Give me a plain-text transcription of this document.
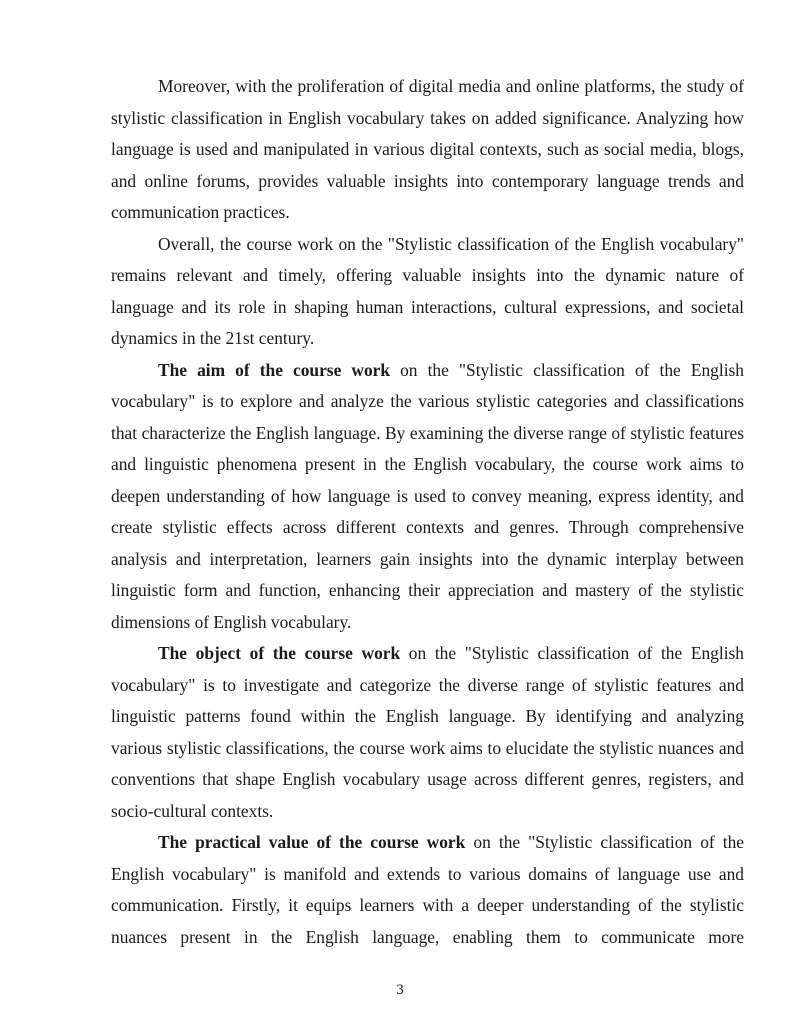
Moreover, with the proliferation of digital media and online platforms, the study of stylistic classification in English vocabulary takes on added significance. Analyzing how language is used and manipulated in various digital contexts, such as social media, blogs, and online forums, provides valuable insights into contemporary language trends and communication practices.

Overall, the course work on the "Stylistic classification of the English vocabulary" remains relevant and timely, offering valuable insights into the dynamic nature of language and its role in shaping human interactions, cultural expressions, and societal dynamics in the 21st century.

The aim of the course work on the "Stylistic classification of the English vocabulary" is to explore and analyze the various stylistic categories and classifications that characterize the English language. By examining the diverse range of stylistic features and linguistic phenomena present in the English vocabulary, the course work aims to deepen understanding of how language is used to convey meaning, express identity, and create stylistic effects across different contexts and genres. Through comprehensive analysis and interpretation, learners gain insights into the dynamic interplay between linguistic form and function, enhancing their appreciation and mastery of the stylistic dimensions of English vocabulary.

The object of the course work on the "Stylistic classification of the English vocabulary" is to investigate and categorize the diverse range of stylistic features and linguistic patterns found within the English language. By identifying and analyzing various stylistic classifications, the course work aims to elucidate the stylistic nuances and conventions that shape English vocabulary usage across different genres, registers, and socio-cultural contexts.

The practical value of the course work on the "Stylistic classification of the English vocabulary" is manifold and extends to various domains of language use and communication. Firstly, it equips learners with a deeper understanding of the stylistic nuances present in the English language, enabling them to communicate more

3
